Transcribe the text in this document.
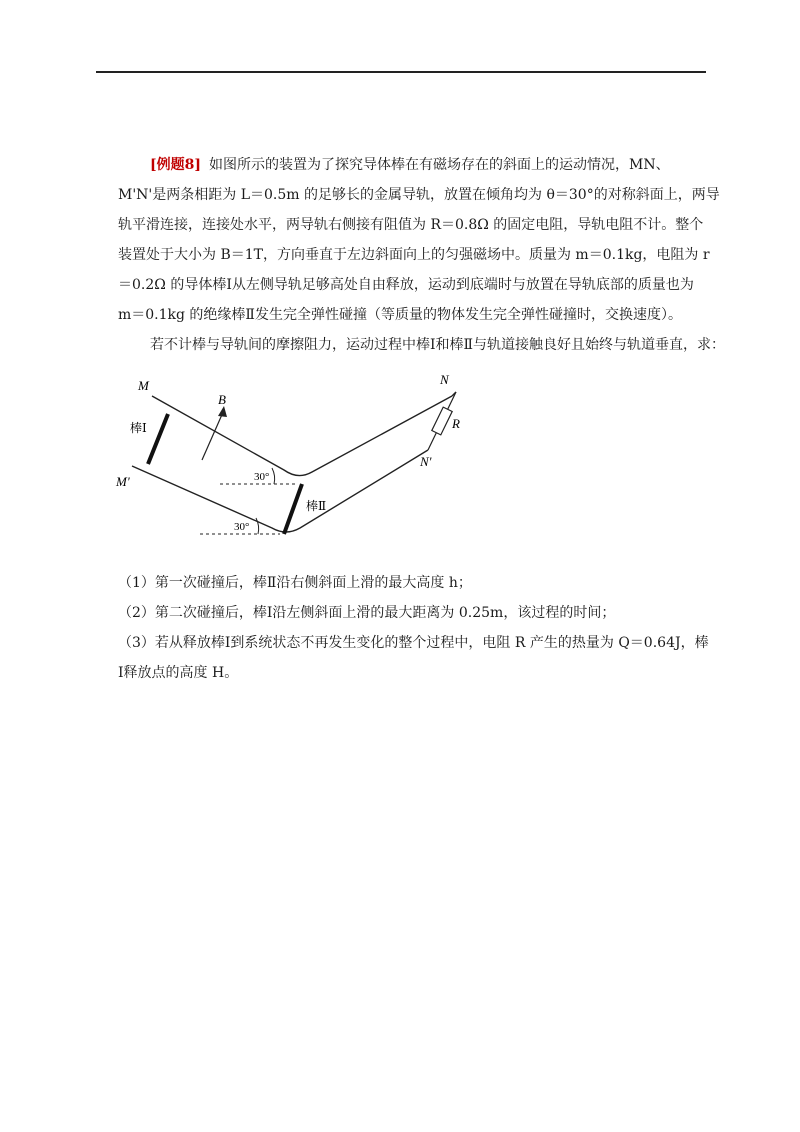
[例题8] 如图所示的装置为了探究导体棒在有磁场存在的斜面上的运动情况，MN、
M'N'是两条相距为 L＝0.5m 的足够长的金属导轨，放置在倾角均为 θ＝30°的对称斜面上，两导
轨平滑连接，连接处水平，两导轨右侧接有阻值为 R＝0.8Ω 的固定电阻，导轨电阻不计。整个
装置处于大小为 B＝1T，方向垂直于左边斜面向上的匀强磁场中。质量为 m＝0.1kg，电阻为 r
＝0.2Ω 的导体棒Ⅰ从左侧导轨足够高处自由释放，运动到底端时与放置在导轨底部的质量也为
m＝0.1kg 的绝缘棒Ⅱ发生完全弹性碰撞（等质量的物体发生完全弹性碰撞时，交换速度）。
若不计棒与导轨间的摩擦阻力，运动过程中棒Ⅰ和棒Ⅱ与轨道接触良好且始终与轨道垂直，求：
M
M'
N
N'
B
R
棒Ⅰ
棒Ⅱ
30°
30°
（1）第一次碰撞后，棒Ⅱ沿右侧斜面上滑的最大高度 h；
（2）第二次碰撞后，棒Ⅰ沿左侧斜面上滑的最大距离为 0.25m，该过程的时间；
（3）若从释放棒Ⅰ到系统状态不再发生变化的整个过程中，电阻 R 产生的热量为 Q＝0.64J，棒
Ⅰ释放点的高度 H。
